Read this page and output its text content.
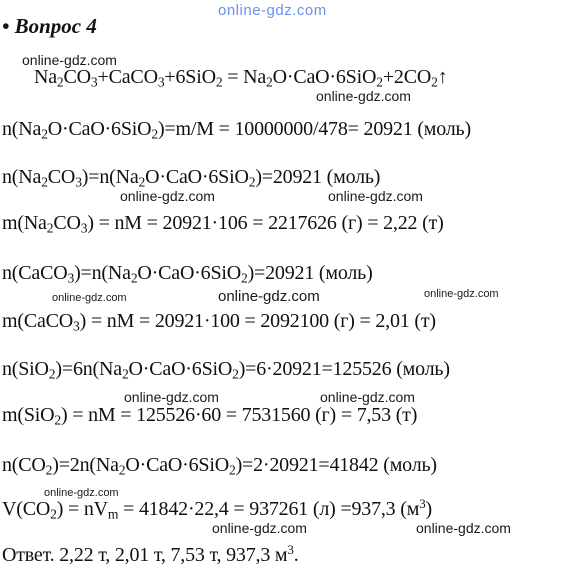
online-gdz.com
online-gdz.com
online-gdz.com
online-gdz.com	online-gdz.com
online-gdz.com	online-gdz.com	online-gdz.com
online-gdz.com	online-gdz.com
online-gdz.com
online-gdz.com	online-gdz.com
• Вопрос 4
$Na_2CO_3+CaCO_3+6SiO_2$ = $Na_2O\cdot CaO\cdot 6SiO_2+2CO_2↑$
$n(Na_2O\cdot CaO\cdot 6SiO_2)=m/M = 10000000/478= 20921$ (моль)
$n(Na_2CO_3)=n(Na_2O\cdot CaO\cdot 6SiO_2)=20921$ (моль)
$m(Na_2CO_3)$ = nM = 20921·106 = 2217626 (г) = 2,22 (т)
$n(CaCO_3)=n(Na_2O\cdot CaO\cdot 6SiO_2)=20921$ (моль)
m(CaCO$_3$) = nM = 20921·100 = 2092100 (г) = 2,01 (т)
$n(SiO_2)=6n(Na_2O\cdot CaO\cdot 6SiO_2)=6\cdot 20921=125526$ (моль)
m(SiO$_2$) = nM = 125526·60 = 7531560 (г) = 7,53 (т)
$n(CO_2)=2n(Na_2O\cdot CaO\cdot 6SiO_2)=2\cdot 20921=41842$ (моль)
$V(CO_2) = nV_m = 41842\cdot 22,4 = 937261$ (л) =937,3 $(м^3)$
Ответ. 2,22 т, 2,01 т, 7,53 т, 937,3 $м^3$.
